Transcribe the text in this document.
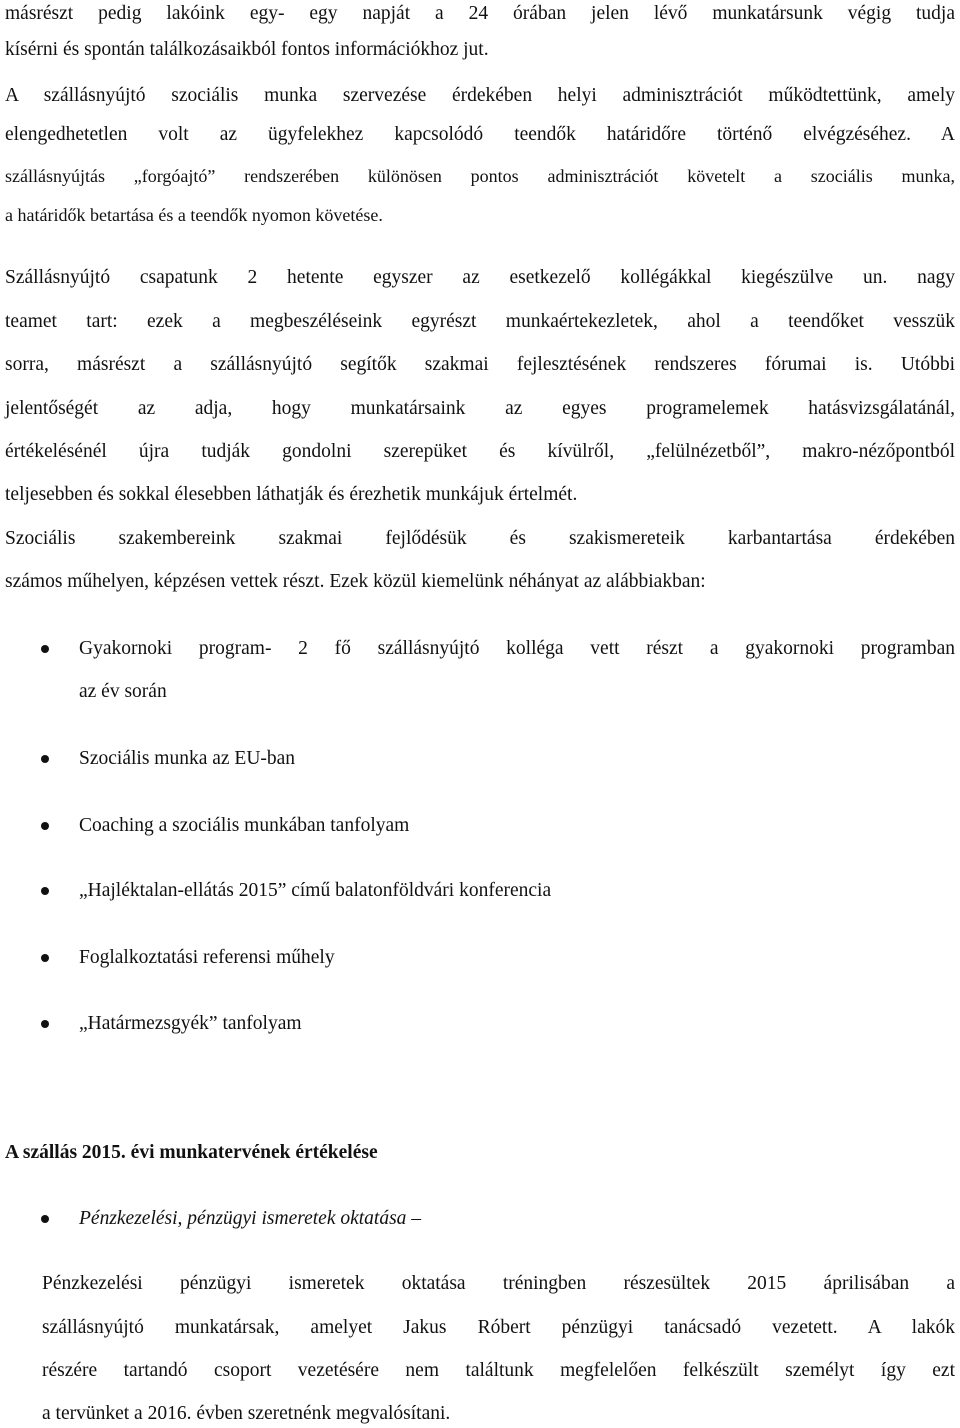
másrészt pedig lakóink egy- egy napját a 24 órában jelen lévő munkatársunk végig tudja
kísérni és spontán találkozásaikból fontos információkhoz jut.
A szállásnyújtó szociális munka szervezése érdekében helyi adminisztrációt működtettünk, amely
elengedhetetlen volt az ügyfelekhez kapcsolódó teendők határidőre történő elvégzéséhez. A
szállásnyújtás „forgóajtó” rendszerében különösen pontos adminisztrációt követelt a szociális munka,
a határidők betartása és a teendők nyomon követése.
Szállásnyújtó csapatunk 2 hetente egyszer az esetkezelő kollégákkal kiegészülve un. nagy
teamet tart: ezek a megbeszéléseink egyrészt munkaértekezletek, ahol a teendőket vesszük
sorra, másrészt a szállásnyújtó segítők szakmai fejlesztésének rendszeres fórumai is. Utóbbi
jelentőségét az adja, hogy munkatársaink az egyes programelemek hatásvizsgálatánál,
értékelésénél újra tudják gondolni szerepüket és kívülről, „felülnézetből”, makro-nézőpontból
teljesebben és sokkal élesebben láthatják és érezhetik munkájuk értelmét.
Szociális szakembereink szakmai fejlődésük és szakismereteik karbantartása érdekében
számos műhelyen, képzésen vettek részt. Ezek közül kiemelünk néhányat az alábbiakban:
Gyakornoki program- 2 fő szállásnyújtó kolléga vett részt a gyakornoki programban
az év során
Szociális munka az EU-ban
Coaching a szociális munkában tanfolyam
„Hajléktalan-ellátás 2015” című balatonföldvári konferencia
Foglalkoztatási referensi műhely
„Határmezsgyék” tanfolyam
A szállás 2015. évi munkatervének értékelése
Pénzkezelési, pénzügyi ismeretek oktatása –
Pénzkezelési pénzügyi ismeretek oktatása tréningben részesültek 2015 áprilisában a
szállásnyújtó munkatársak, amelyet Jakus Róbert pénzügyi tanácsadó vezetett. A lakók
részére tartandó csoport vezetésére nem találtunk megfelelően felkészült személyt így ezt
a tervünket a 2016. évben szeretnénk megvalósítani.
